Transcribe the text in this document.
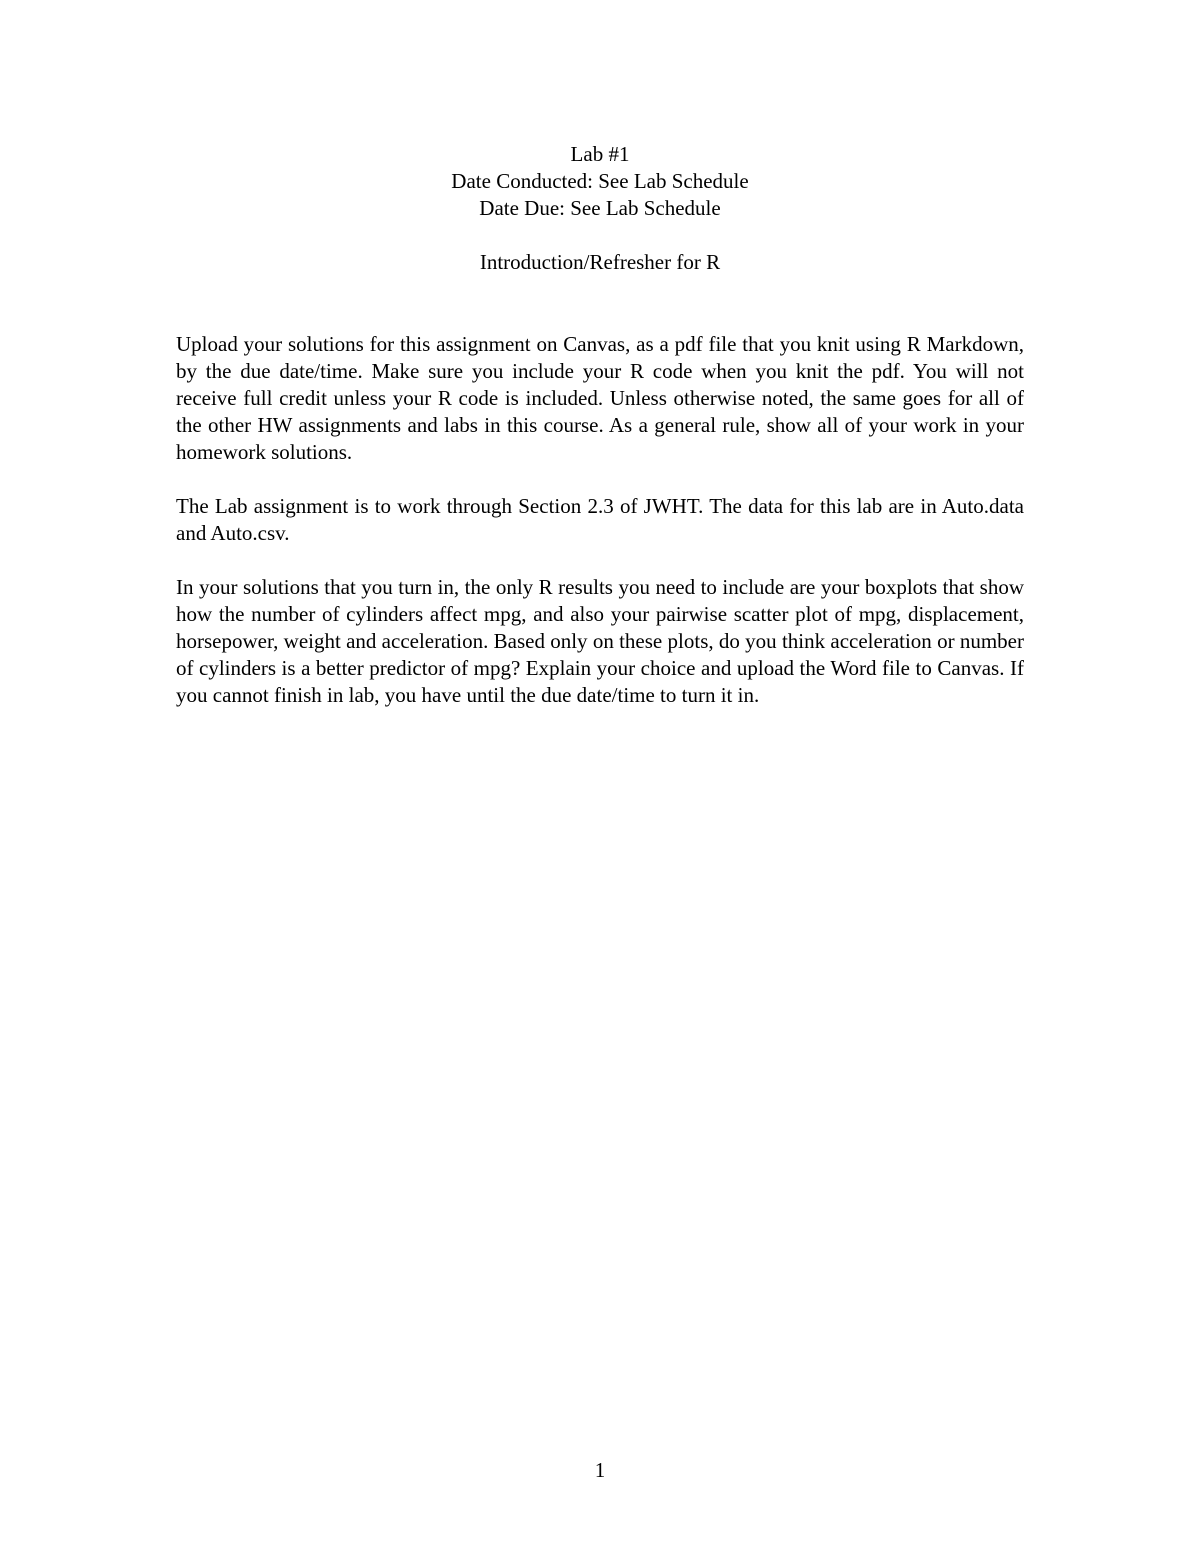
Lab #1
Date Conducted: See Lab Schedule
Date Due: See Lab Schedule
Introduction/Refresher for R

Upload your solutions for this assignment on Canvas, as a pdf file that you knit using R Markdown, by the due date/time. Make sure you include your R code when you knit the pdf. You will not receive full credit unless your R code is included. Unless otherwise noted, the same goes for all of the other HW assignments and labs in this course. As a general rule, show all of your work in your homework solutions.

The Lab assignment is to work through Section 2.3 of JWHT. The data for this lab are in Auto.data and Auto.csv.

In your solutions that you turn in, the only R results you need to include are your boxplots that show how the number of cylinders affect mpg, and also your pairwise scatter plot of mpg, displacement, horsepower, weight and acceleration. Based only on these plots, do you think acceleration or number of cylinders is a better predictor of mpg? Explain your choice and upload the Word file to Canvas. If you cannot finish in lab, you have until the due date/time to turn it in.

1
